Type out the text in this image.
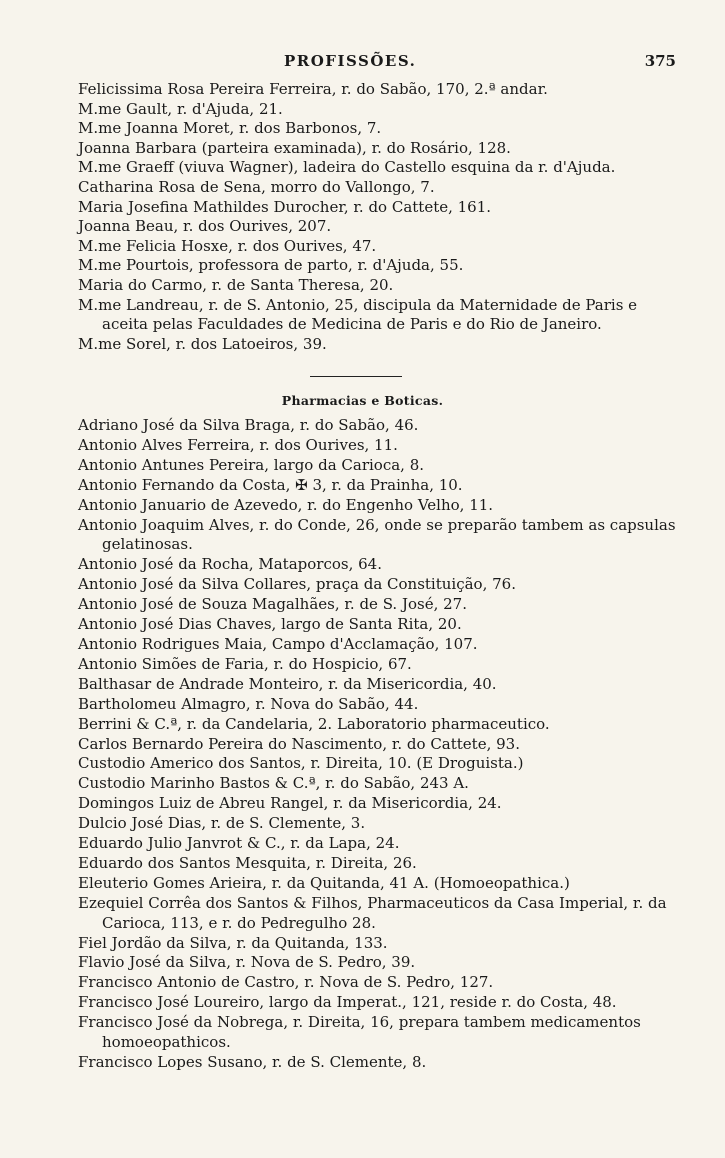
PROFISSÕES.	375
Felicissima Rosa Pereira Ferreira, r. do Sabão, 170, 2.ª andar.
M.me Gault, r. d'Ajuda, 21.
M.me Joanna Moret, r. dos Barbonos, 7.
Joanna Barbara (parteira examinada), r. do Rosário, 128.
M.me Graeff (viuva Wagner), ladeira do Castello esquina da r. d'Ajuda.
Catharina Rosa de Sena, morro do Vallongo, 7.
Maria Josefina Mathildes Durocher, r. do Cattete, 161.
Joanna Beau, r. dos Ourives, 207.
M.me Felicia Hosxe, r. dos Ourives, 47.
M.me Pourtois, professora de parto, r. d'Ajuda, 55.
Maria do Carmo, r. de Santa Theresa, 20.
M.me Landreau, r. de S. Antonio, 25, discipula da Maternidade de Paris e aceita pelas Faculdades de Medicina de Paris e do Rio de Janeiro.
M.me Sorel, r. dos Latoeiros, 39.
Pharmacias e Boticas.
Adriano José da Silva Braga, r. do Sabão, 46.
Antonio Alves Ferreira, r. dos Ourives, 11.
Antonio Antunes Pereira, largo da Carioca, 8.
Antonio Fernando da Costa, ✠ 3, r. da Prainha, 10.
Antonio Januario de Azevedo, r. do Engenho Velho, 11.
Antonio Joaquim Alves, r. do Conde, 26, onde se preparão tambem as capsulas gelatinosas.
Antonio José da Rocha, Mataporcos, 64.
Antonio José da Silva Collares, praça da Constituição, 76.
Antonio José de Souza Magalhães, r. de S. José, 27.
Antonio José Dias Chaves, largo de Santa Rita, 20.
Antonio Rodrigues Maia, Campo d'Acclamação, 107.
Antonio Simões de Faria, r. do Hospicio, 67.
Balthasar de Andrade Monteiro, r. da Misericordia, 40.
Bartholomeu Almagro, r. Nova do Sabão, 44.
Berrini & C.ª, r. da Candelaria, 2. Laboratorio pharmaceutico.
Carlos Bernardo Pereira do Nascimento, r. do Cattete, 93.
Custodio Americo dos Santos, r. Direita, 10. (E Droguista.)
Custodio Marinho Bastos & C.ª, r. do Sabão, 243 A.
Domingos Luiz de Abreu Rangel, r. da Misericordia, 24.
Dulcio José Dias, r. de S. Clemente, 3.
Eduardo Julio Janvrot & C., r. da Lapa, 24.
Eduardo dos Santos Mesquita, r. Direita, 26.
Eleuterio Gomes Arieira, r. da Quitanda, 41 A. (Homoeopathica.)
Ezequiel Corrêa dos Santos & Filhos, Pharmaceuticos da Casa Imperial, r. da Carioca, 113, e r. do Pedregulho 28.
Fiel Jordão da Silva, r. da Quitanda, 133.
Flavio José da Silva, r. Nova de S. Pedro, 39.
Francisco Antonio de Castro, r. Nova de S. Pedro, 127.
Francisco José Loureiro, largo da Imperat., 121, reside r. do Costa, 48.
Francisco José da Nobrega, r. Direita, 16, prepara tambem medicamentos homoeopathicos.
Francisco Lopes Susano, r. de S. Clemente, 8.
